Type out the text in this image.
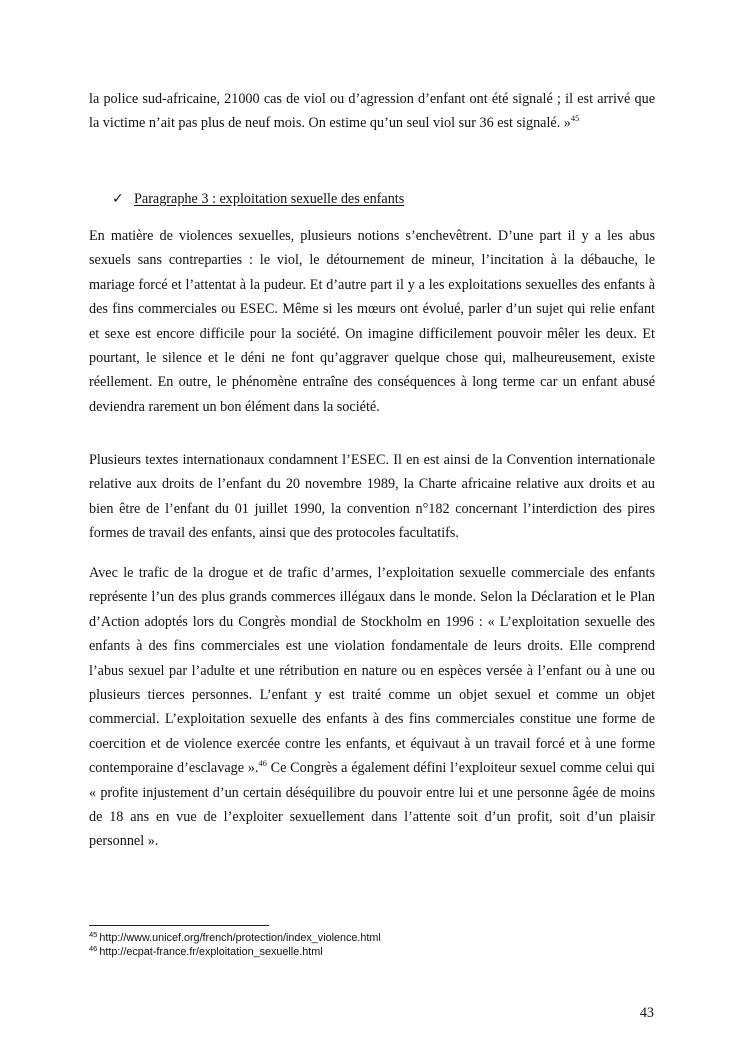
la police sud-africaine, 21000 cas de viol ou d’agression d’enfant ont été signalé ; il est arrivé que la victime n’ait pas plus de neuf mois. On estime qu’un seul viol sur 36 est signalé. »$^{45}$

✓ Paragraphe 3 : exploitation sexuelle des enfants

En matière de violences sexuelles, plusieurs notions s’enchevêtrent. D’une part il y a les abus sexuels sans contreparties : le viol, le détournement de mineur, l’incitation à la débauche, le mariage forcé et l’attentat à la pudeur. Et d’autre part il y a les exploitations sexuelles des enfants à des fins commerciales ou ESEC. Même si les mœurs ont évolué, parler d’un sujet qui relie enfant et sexe est encore difficile pour la société. On imagine difficilement pouvoir mêler les deux. Et pourtant, le silence et le déni ne font qu’aggraver quelque chose qui, malheureusement, existe réellement. En outre, le phénomène entraîne des conséquences à long terme car un enfant abusé deviendra rarement un bon élément dans la société.

Plusieurs textes internationaux condamnent l’ESEC. Il en est ainsi de la Convention internationale relative aux droits de l’enfant du 20 novembre 1989, la Charte africaine relative aux droits et au bien être de l’enfant du 01 juillet 1990, la convention n°182 concernant l’interdiction des pires formes de travail des enfants, ainsi que des protocoles facultatifs.

Avec le trafic de la drogue et de trafic d’armes, l’exploitation sexuelle commerciale des enfants représente l’un des plus grands commerces illégaux dans le monde. Selon la Déclaration et le Plan d’Action adoptés lors du Congrès mondial de Stockholm en 1996 : « L’exploitation sexuelle des enfants à des fins commerciales est une violation fondamentale de leurs droits. Elle comprend l’abus sexuel par l’adulte et une rétribution en nature ou en espèces versée à l’enfant ou à une ou plusieurs tierces personnes. L’enfant y est traité comme un objet sexuel et comme un objet commercial. L’exploitation sexuelle des enfants à des fins commerciales constitue une forme de coercition et de violence exercée contre les enfants, et équivaut à un travail forcé et à une forme contemporaine d’esclavage ».$^{46}$ Ce Congrès a également défini l’exploiteur sexuel comme celui qui « profite injustement d’un certain déséquilibre du pouvoir entre lui et une personne âgée de moins de 18 ans en vue de l’exploiter sexuellement dans l’attente soit d’un profit, soit d’un plaisir personnel ».

$^{45}$ http://www.unicef.org/french/protection/index_violence.html
$^{46}$ http://ecpat-france.fr/exploitation_sexuelle.html
43
